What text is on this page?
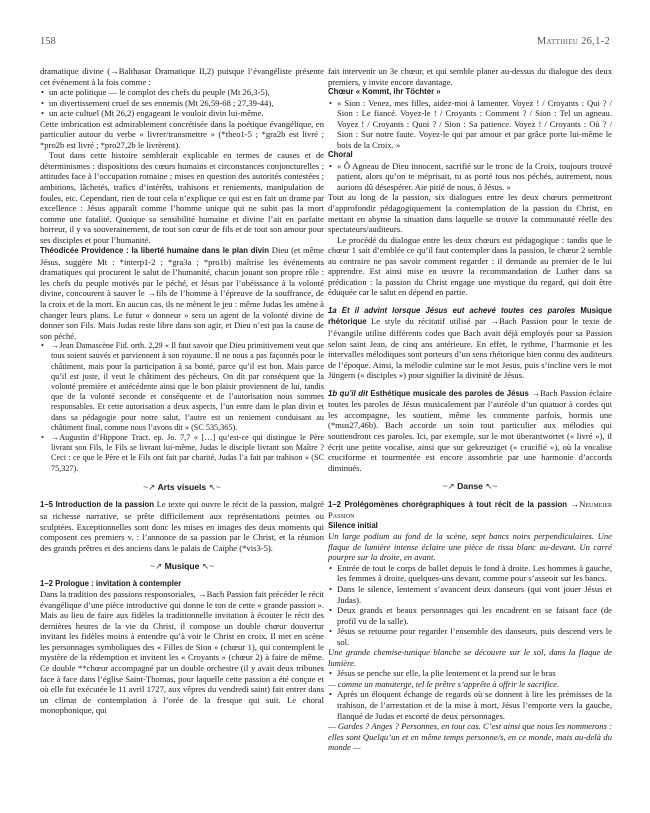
158	Matthieu 26,1-2

dramatique divine (→Balthasar Dramatique II,2) puisque l’évangéliste présente cet événement à la fois comme :

• un acte politique — le complot des chefs du peuple (Mt 26,3-5),
• un divertissement cruel de ses ennemis (Mt 26,59-68 ; 27,39-44),
• un acte cultuel (Mt 26,2) engageant le vouloir divin lui-même.

Cette imbrication est admirablement concrétisée dans la poétique évangélique, en particulier autour du verbe « livrer/transmettre » (*theo1-5 ; *gra2b est livré ; *pro2b est livré ; *pro27,2b le livrèrent).

Tout dans cette histoire semblerait explicable en termes de causes et de déterminismes : dispositions des cœurs humains et circonstances conjoncturelles ; attitudes face à l’occupation romaine ; mises en question des autorités contestées ; ambitions, lâchetés, trafics d’intérêts, trahisons et reniements, manipulation de foules, etc. Cependant, rien de tout cela n’explique ce qui est en fait un drame par excellence : Jésus apparaît comme l’homme unique qui ne subit pas la mort comme une fatalité. Quoique sa sensibilité humaine et divine l’ait en parfaite horreur, il y va souverainement, de tout son cœur de fils et de tout son amour pour ses disciples et pour l’humanité.

Théodicée Providence : la liberté humaine dans le plan divin Dieu (et même Jésus, suggère Mt : *interp1-2 ; *gra3a ; *pro1b) maîtrise les événements dramatiques qui procurent le salut de l’humanité, chacun jouant son propre rôle : les chefs du peuple motivés par le péché, et Jésus par l’obéissance à la volonté divine, concourent à sauver le →fils de l’homme à l’épreuve de la souffrance, de la croix et de la mort. En aucun cas, ils ne mènent le jeu : même Judas les amène à changer leurs plans. Le futur « donneur » sera un agent de la volonté divine de donner son Fils. Mais Judas reste libre dans son agir, et Dieu n’est pas la cause de son péché.

• →Jean Damascène Fid. orth. 2,29 « Il faut savoir que Dieu primitivement veut que tous soient sauvés et parviennent à son royaume. Il ne nous a pas façonnés pour le châtiment, mais pour la participation à sa bonté, parce qu’il est bon. Mais parce qu’il est juste, il veut le châtiment des pécheurs. On dit par conséquent que la volonté première et antécédente ainsi que le bon plaisir proviennent de lui, tandis que de la volonté seconde et conséquente et de l’autorisation nous sommes responsables. Et cette autorisation a deux aspects, l’un entre dans le plan divin et dans sa pédagogie pour notre salut, l’autre est un reniement conduisant au châtiment final, comme nous l’avons dit » (SC 535,365).
• →Augustin d’Hippone Tract. ep. Jo. 7,7 « […] qu’est-ce qui distingue le Père livrant son Fils, le Fils se livrant lui-même, Judas le disciple livrant son Maître ? Ceci : ce que le Père et le Fils ont fait par charité, Judas l’a fait par trahison » (SC 75,327).
~↗ Arts visuels ↖~

1–5 Introduction de la passion Le texte qui ouvre le récit de la passion, malgré sa richesse narrative, se prête difficilement aux représentations peintes ou sculptées. Exceptionnelles sont donc les mises en images des deux moments qui composent ces premiers v. : l’annonce de sa passion par le Christ, et la réunion des grands prêtres et des anciens dans le palais de Caïphe (*vis3-5).

~↗ Musique ↖~
1–2 Prologue : invitation à contempler

Dans la tradition des passions responsoriales, →Bach Passion fait précéder le récit évangélique d’une pièce introductive qui donne le ton de cette « grande passion ». Mais au lieu de faire aux fidèles la traditionnelle invitation à écouter le récit des dernières heures de la vie du Christ, il compose un double chœur douvertur invitant les fidèles moins à entendre qu’à voir le Christ en croix. Il met en scène les personnages symboliques des « Filles de Sion » (chœur 1), qui contemplent le mystère de la rédemption et invitent les « Croyants » (chœur 2) à faire de même. Ce double **chœur accompagné par un double orchestre (il y avait deux tribunes face à face dans l’église Saint-Thomas, pour laquelle cette passion a été conçue et où elle fut exécutée le 11 avril 1727, aux vêpres du vendredi saint) fait entrer dans un climat de contemplation à l’orée de la fresque qui suit. Le choral monophonique, qui

fait intervenir un 3e chœur, et qui semble planer au-dessus du dialogue des deux premiers, y invite encore davantage.

Chœur « Kommt, ihr Töchter »
• « Sion : Venez, mes filles, aidez-moi à lamenter. Voyez ! / Croyants : Qui ? / Sion : Le fiancé. Voyez-le ! / Croyants : Comment ? / Sion : Tel un agneau. Voyez ! / Croyants : Quoi ? / Sion : Sa patience. Voyez ! / Croyants : Où ? / Sion : Sur notre faute. Voyez-le qui par amour et par grâce porte lui-même le bois de la Croix. »
Choral
• « Ô Agneau de Dieu innocent, sacrifié sur le tronc de la Croix, toujours trouvé patient, alors qu’on te méprisait, tu as porté tous nos péchés, autrement, nous aurions dû désespérer. Aie pitié de nous, ô Jésus. »

Tout au long de la passion, six dialogues entre les deux chœurs permettront d’approfondir pédagogiquement la contemplation de la passion du Christ, en mettant en abyme la situation dans laquelle se trouve la communauté réelle des spectateurs/auditeurs.

Le procédé du dialogue entre les deux chœurs est pédagogique : tandis que le chœur 1 sait d’emblée ce qu’il faut contempler dans la passion, le chœur 2 semble au contraire ne pas savoir comment regarder : il demande au premier de le lui apprendre. Est ainsi mise en œuvre la recommandation de Luther dans sa prédication : la passion du Christ engage une mystique du regard, qui doit être éduquée car le salut en dépend en partie.

1a Et il advint lorsque Jésus eut achevé toutes ces paroles Musique rhétorique Le style du récitatif utilisé par →Bach Passion pour le texte de l’évangile utilise différents codes que Bach avait déjà employés pour sa Passion selon saint Jean, de cinq ans antérieure. En effet, le rythme, l’harmonie et les intervalles mélodiques sont porteurs d’un sens rhétorique bien connu des auditeurs de l’époque. Ainsi, la mélodie culmine sur le mot Jesus, puis s’incline vers le mot Jüngern (« disciples ») pour signifier la divinité de Jésus.

1b qu’il dit Esthétique musicale des paroles de Jésus →Bach Passion éclaire toutes les paroles de Jésus musicalement par l’auréole d’un quatuor à cordes qui les accompagne, les soutient, même les commente parfois, hormis une (*mus27,46b). Bach accorde un soin tout particulier aux mélodies qui soutiendront ces paroles. Ici, par exemple, sur le mot überantwortet (« livré »), il écrit une petite vocalise, ainsi que sur gekreuziget (« crucifié »), où la vocalise cruciforme et tourmentée est encore assombrie par une harmonie d’accords diminués.

~↗ Danse ↖~

1–2 Prolégomènes chorégraphiques à tout récit de la passion →Neumeier Passion

Silence initial

Un large podium au fond de la scène, sept bancs noirs perpendiculaires. Une flaque de lumière intense éclaire une pièce de tissu blanc au-devant. Un carré pourpre sur la droite, en avant.

• Entrée de tout le corps de ballet depuis le fond à droite. Les hommes à gauche, les femmes à droite, quelques-uns devant, comme pour s’asseoir sur les bancs.
• Dans le silence, lentement s’avancent deux danseurs (qui vont jouer Jésus et Judas).
• Deux grands et beaux personnages qui les encadrent en se faisant face (de profil vu de la salle).
• Jésus se retourne pour regarder l’ensemble des danseurs, puis descend vers le sol.

Une grande chemise-tunique blanche se découvre sur le sol, dans la flaque de lumière.

• Jésus se penche sur elle, la plie lentement et la prend sur le bras

— comme un manuterge, tel le prêtre s’apprête à offrir le sacrifice.

• Après un éloquent échange de regards où se donnent à lire les prémisses de la trahison, de l’arrestation et de la mise à mort, Jésus l’emporte vers la gauche, flanqué de Judas et escorté de deux personnages.

— Gardes ? Anges ? Personnes, en tout cas. C’est ainsi que nous les nommerons : elles sont Quelqu’un et en même temps personne/s, en ce monde, mais au-delà du monde —
